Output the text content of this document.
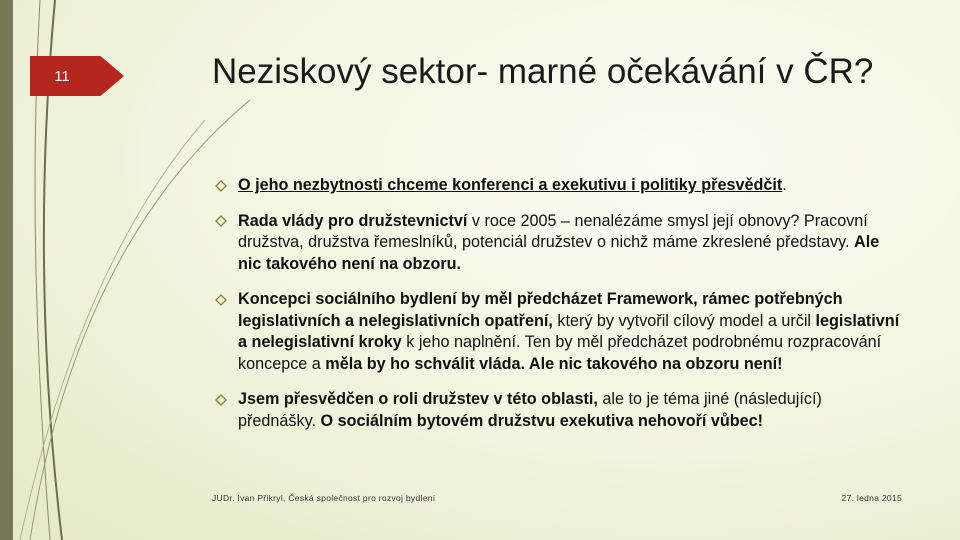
11	Neziskový sektor- marné očekávání v ČR?
O jeho nezbytnosti chceme konferenci a exekutivu i politiky přesvědčit.
Rada vlády pro družstevnictví v roce 2005 – nenalézáme smysl její obnovy? Pracovní družstva, družstva řemeslníků, potenciál družstev o nichž máme zkreslené představy. Ale nic takového není na obzoru.
Koncepci sociálního bydlení by měl předcházet Framework, rámec potřebných legislativních a nelegislativních opatření, který by vytvořil cílový model a určil legislativní a nelegislativní kroky k jeho naplnění. Ten by měl předcházet podrobnému rozpracování koncepce a měla by ho schválit vláda. Ale nic takového na obzoru není!
Jsem přesvědčen o roli družstev v této oblasti, ale to je téma jiné (následující) přednášky. O sociálním bytovém družstvu exekutiva nehovoří vůbec!
JUDr. Ivan Přikryl, Česká společnost pro rozvoj bydlení	27. ledna 2015
